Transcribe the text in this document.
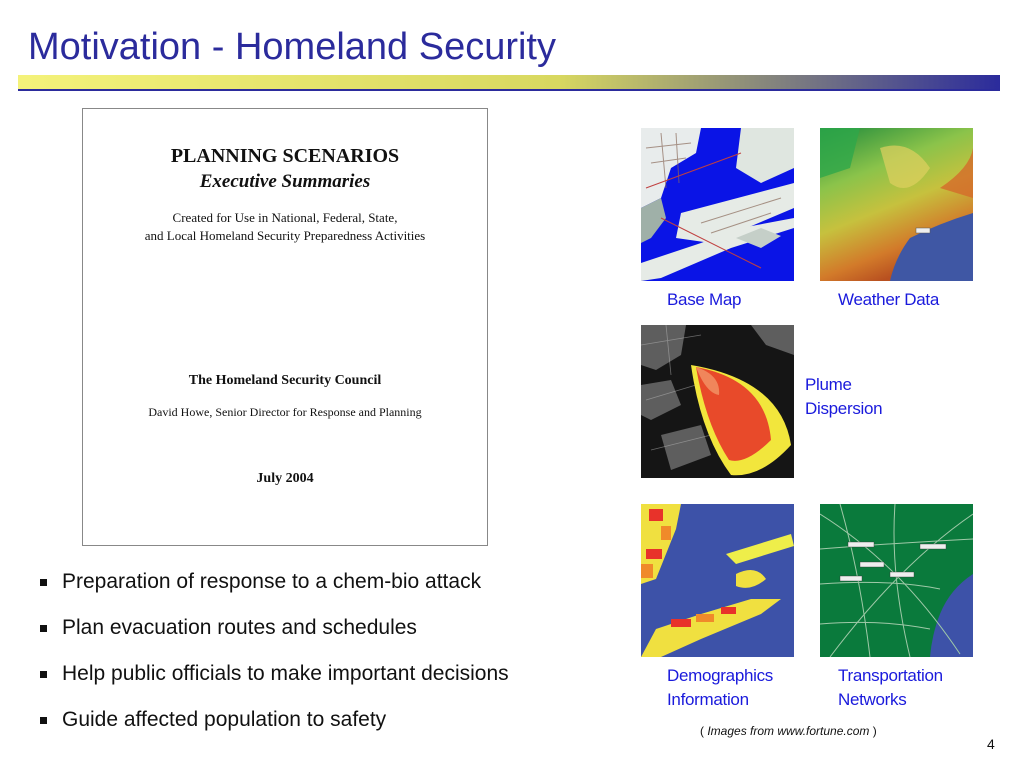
Motivation - Homeland Security
PLANNING SCENARIOS
Executive Summaries
Created for Use in National, Federal, State,
and Local Homeland Security Preparedness Activities
The Homeland Security Council
David Howe, Senior Director for Response and Planning
July 2004
Preparation of response to a chem-bio attack
Plan evacuation routes and schedules
Help public officials to make important decisions
Guide affected population to safety
Base Map	Weather Data
Plume
Dispersion
Demographics
Information
Transportation
Networks
( Images from www.fortune.com )
4
